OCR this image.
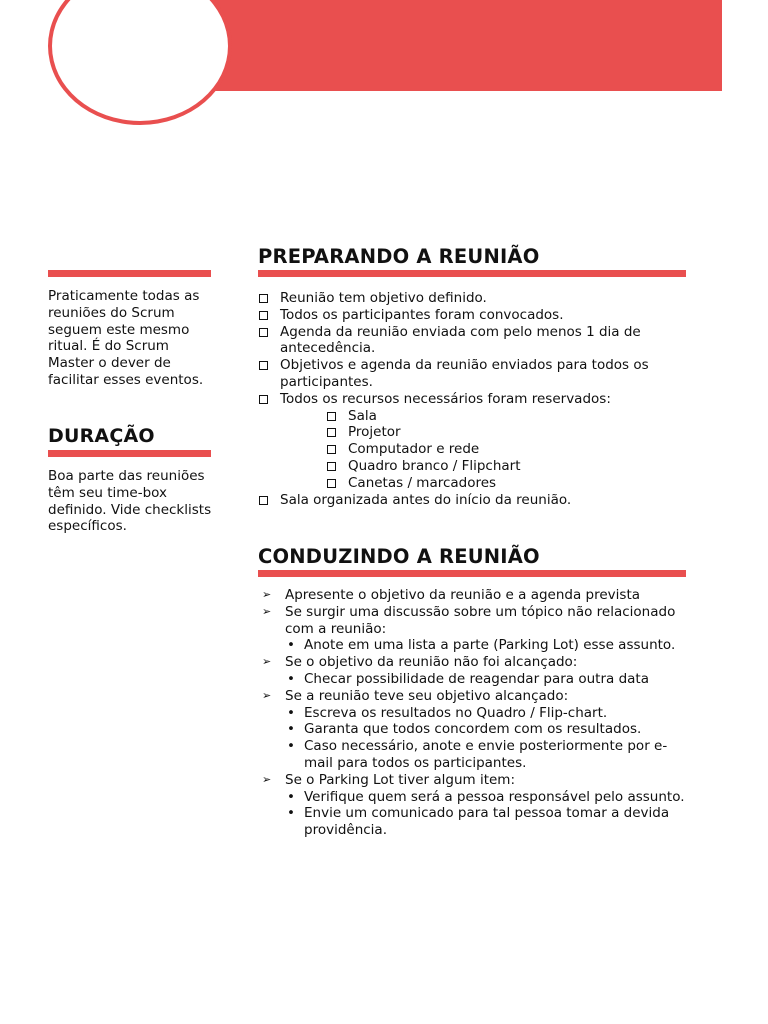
Praticamente todas as reuniões do Scrum seguem este mesmo ritual. É do Scrum Master o dever de facilitar esses eventos.

DURAÇÃO

Boa parte das reuniões têm seu time-box definido. Vide checklists específicos.

PREPARANDO A REUNIÃO
Reunião tem objetivo definido.
Todos os participantes foram convocados.
Agenda da reunião enviada com pelo menos 1 dia de antecedência.
Objetivos e agenda da reunião enviados para todos os participantes.
Todos os recursos necessários foram reservados:
Sala
Projetor
Computador e rede
Quadro branco / Flipchart
Canetas / marcadores
Sala organizada antes do início da reunião.
CONDUZINDO A REUNIÃO
➢ Apresente o objetivo da reunião e a agenda prevista
➢ Se surgir uma discussão sobre um tópico não relacionado com a reunião:
• Anote em uma lista a parte (Parking Lot) esse assunto.
➢ Se o objetivo da reunião não foi alcançado:
• Checar possibilidade de reagendar para outra data
➢ Se a reunião teve seu objetivo alcançado:
• Escreva os resultados no Quadro / Flip-chart.
• Garanta que todos concordem com os resultados.
• Caso necessário, anote e envie posteriormente por e-mail para todos os participantes.
➢ Se o Parking Lot tiver algum item:
• Verifique quem será a pessoa responsável pelo assunto.
• Envie um comunicado para tal pessoa tomar a devida providência.
